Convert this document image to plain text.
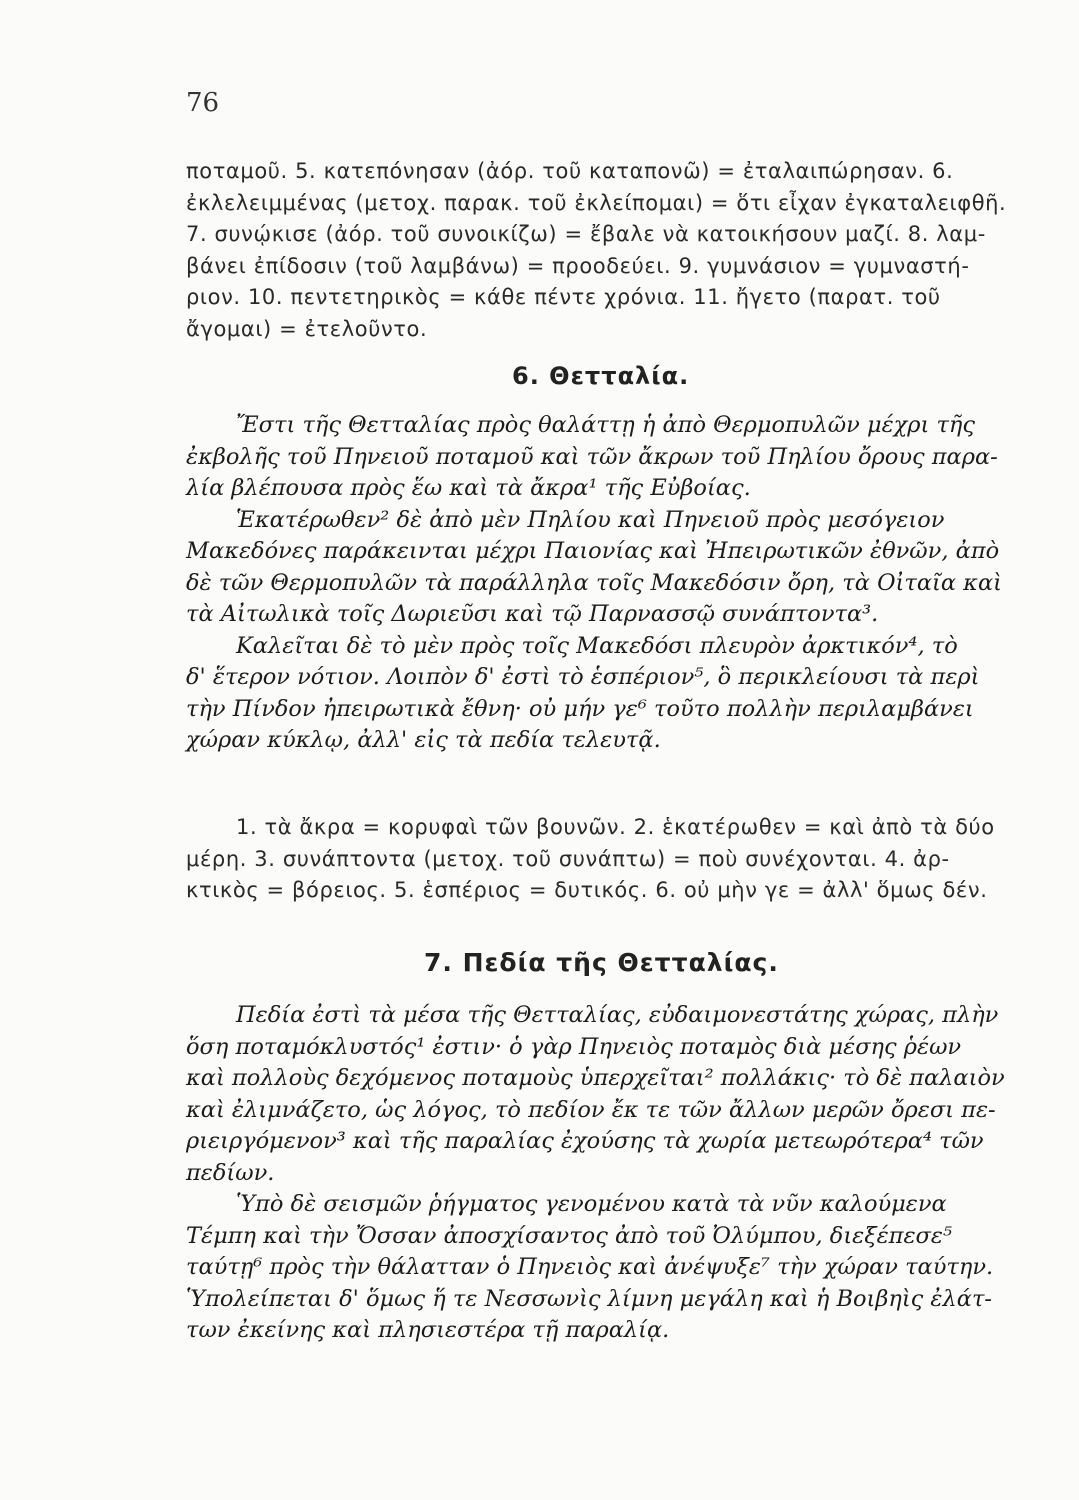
76
ποταμοῦ. 5. κατεπόνησαν (ἀόρ. τοῦ καταπονῶ) = ἐταλαιπώρησαν. 6.
ἐκλελειμμένας (μετοχ. παρακ. τοῦ ἐκλείπομαι) = ὅτι εἶχαν ἐγκαταλειφθῆ.
7. συνῴκισε (ἀόρ. τοῦ συνοικίζω) = ἔβαλε νὰ κατοικήσουν μαζί. 8. λαμ-
βάνει ἐπίδοσιν (τοῦ λαμβάνω) = προοδεύει. 9. γυμνάσιον = γυμναστή-
ριον. 10. πεντετηρικὸς = κάθε πέντε χρόνια. 11. ἤγετο (παρατ. τοῦ
ἄγομαι) = ἐτελοῦντο.
6. Θετταλία.
Ἔστι τῆς Θετταλίας πρὸς θαλάττῃ ἡ ἀπὸ Θερμοπυλῶν μέχρι τῆς
ἐκβολῆς τοῦ Πηνειοῦ ποταμοῦ καὶ τῶν ἄκρων τοῦ Πηλίου ὄρους παρα-
λία βλέπουσα πρὸς ἕω καὶ τὰ ἄκρα¹ τῆς Εὐβοίας.
Ἑκατέρωθεν² δὲ ἀπὸ μὲν Πηλίου καὶ Πηνειοῦ πρὸς μεσόγειον
Μακεδόνες παράκεινται μέχρι Παιονίας καὶ Ἠπειρωτικῶν ἐθνῶν, ἀπὸ
δὲ τῶν Θερμοπυλῶν τὰ παράλληλα τοῖς Μακεδόσιν ὄρη, τὰ Οἰταῖα καὶ
τὰ Αἰτωλικὰ τοῖς Δωριεῦσι καὶ τῷ Παρνασσῷ συνάπτοντα³.
Καλεῖται δὲ τὸ μὲν πρὸς τοῖς Μακεδόσι πλευρὸν ἀρκτικόν⁴, τὸ
δ' ἕτερον νότιον. Λοιπὸν δ' ἐστὶ τὸ ἑσπέριον⁵, ὃ περικλείουσι τὰ περὶ
τὴν Πίνδον ἠπειρωτικὰ ἔθνη· οὐ μήν γε⁶ τοῦτο πολλὴν περιλαμβάνει
χώραν κύκλῳ, ἀλλ' εἰς τὰ πεδία τελευτᾷ.
1. τὰ ἄκρα = κορυφαὶ τῶν βουνῶν. 2. ἑκατέρωθεν = καὶ ἀπὸ τὰ δύο
μέρη. 3. συνάπτοντα (μετοχ. τοῦ συνάπτω) = ποὺ συνέχονται. 4. ἀρ-
κτικὸς = βόρειος. 5. ἑσπέριος = δυτικός. 6. οὐ μὴν γε = ἀλλ' ὅμως δέν.
7. Πεδία τῆς Θετταλίας.
Πεδία ἐστὶ τὰ μέσα τῆς Θετταλίας, εὐδαιμονεστάτης χώρας, πλὴν
ὅση ποταμόκλυστός¹ ἐστιν· ὁ γὰρ Πηνειὸς ποταμὸς διὰ μέσης ῥέων
καὶ πολλοὺς δεχόμενος ποταμοὺς ὑπερχεῖται² πολλάκις· τὸ δὲ παλαιὸν
καὶ ἐλιμνάζετο, ὡς λόγος, τὸ πεδίον ἔκ τε τῶν ἄλλων μερῶν ὄρεσι πε-
ριειργόμενον³ καὶ τῆς παραλίας ἐχούσης τὰ χωρία μετεωρότερα⁴ τῶν
πεδίων.
Ὑπὸ δὲ σεισμῶν ῥήγματος γενομένου κατὰ τὰ νῦν καλούμενα
Τέμπη καὶ τὴν Ὄσσαν ἀποσχίσαντος ἀπὸ τοῦ Ὀλύμπου, διεξέπεσε⁵
ταύτῃ⁶ πρὸς τὴν θάλατταν ὁ Πηνειὸς καὶ ἀνέψυξε⁷ τὴν χώραν ταύτην.
Ὑπολείπεται δ' ὅμως ἥ τε Νεσσωνὶς λίμνη μεγάλη καὶ ἡ Βοιβηὶς ἐλάτ-
των ἐκείνης καὶ πλησιεστέρα τῇ παραλίᾳ.
